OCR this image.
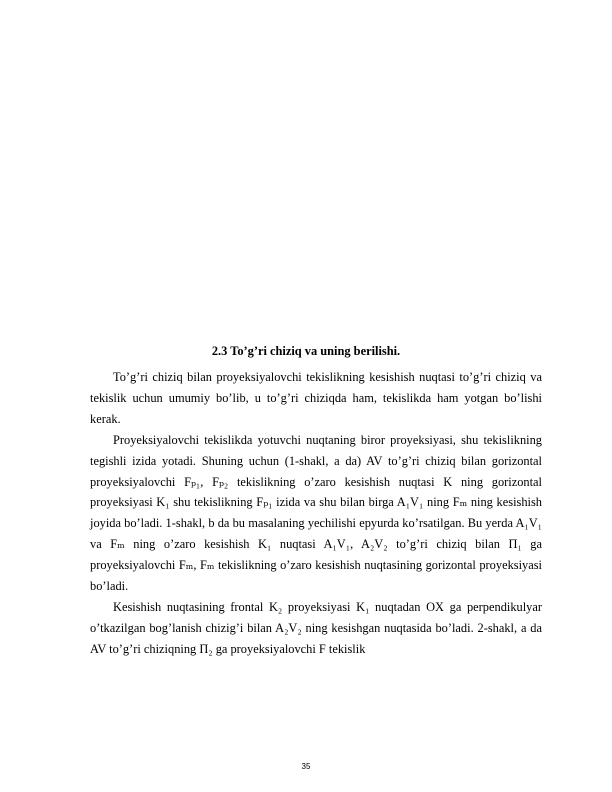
2.3 To’g’ri chiziq va uning berilishi.

To’g’ri chiziq bilan proyeksiyalovchi tekislikning kesishish nuqtasi to’g’ri chiziq va tekislik uchun umumiy bo’lib, u to’g’ri chiziqda ham, tekislikda ham yotgan bo’lishi kerak.

Proyeksiyalovchi tekislikda yotuvchi nuqtaning biror proyeksiyasi, shu tekislikning tegishli izida yotadi. Shuning uchun (1-shakl, a da) AV to’g’ri chiziq bilan gorizontal proyeksiyalovchi Fₚ₁, Fₚ₂ tekislikning o’zaro kesishish nuqtasi K ning gorizontal proyeksiyasi K₁ shu tekislikning Fₚ₁ izida va shu bilan birga A₁V₁ ning Fₘ ning kesishish joyida bo’ladi. 1-shakl, b da bu masalaning yechilishi epyurda ko’rsatilgan. Bu yerda A₁V₁ va Fₘ ning o’zaro kesishish K₁ nuqtasi A₁V₁, A₂V₂ to’g’ri chiziq bilan П₁ ga proyeksiyalovchi Fₘ, Fₘ tekislikning o’zaro kesishish nuqtasining gorizontal proyeksiyasi bo’ladi.

Kesishish nuqtasining frontal K₂ proyeksiyasi K₁ nuqtadan OX ga perpendikulyar o’tkazilgan bog’lanish chizig’i bilan A₂V₂ ning kesishgan nuqtasida bo’ladi. 2-shakl, a da AV to’g’ri chiziqning П₂ ga proyeksiyalovchi F tekislik

35
